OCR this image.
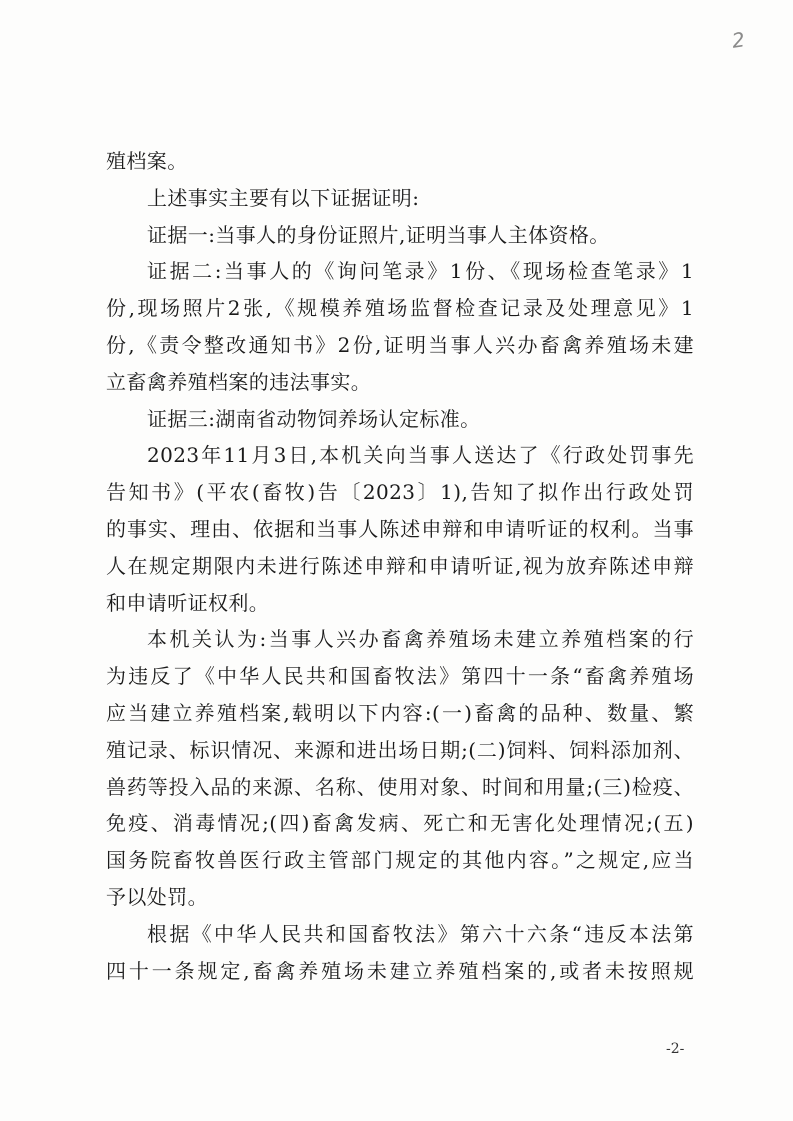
2
殖档案。
上述事实主要有以下证据证明:
证据一:当事人的身份证照片,证明当事人主体资格。
证据二:当事人的《询问笔录》1份、《现场检查笔录》1
份,现场照片2张,《规模养殖场监督检查记录及处理意见》1
份,《责令整改通知书》2份,证明当事人兴办畜禽养殖场未建
立畜禽养殖档案的违法事实。
证据三:湖南省动物饲养场认定标准。
2023年11月3日,本机关向当事人送达了《行政处罚事先
告知书》(平农(畜牧)告〔2023〕1),告知了拟作出行政处罚
的事实、理由、依据和当事人陈述申辩和申请听证的权利。当事
人在规定期限内未进行陈述申辩和申请听证,视为放弃陈述申辩
和申请听证权利。
本机关认为:当事人兴办畜禽养殖场未建立养殖档案的行
为违反了《中华人民共和国畜牧法》第四十一条“畜禽养殖场
应当建立养殖档案,载明以下内容:(一)畜禽的品种、数量、繁
殖记录、标识情况、来源和进出场日期;(二)饲料、饲料添加剂、
兽药等投入品的来源、名称、使用对象、时间和用量;(三)检疫、
免疫、消毒情况;(四)畜禽发病、死亡和无害化处理情况;(五)
国务院畜牧兽医行政主管部门规定的其他内容。”之规定,应当
予以处罚。
根据《中华人民共和国畜牧法》第六十六条“违反本法第
四十一条规定,畜禽养殖场未建立养殖档案的,或者未按照规
-2-
